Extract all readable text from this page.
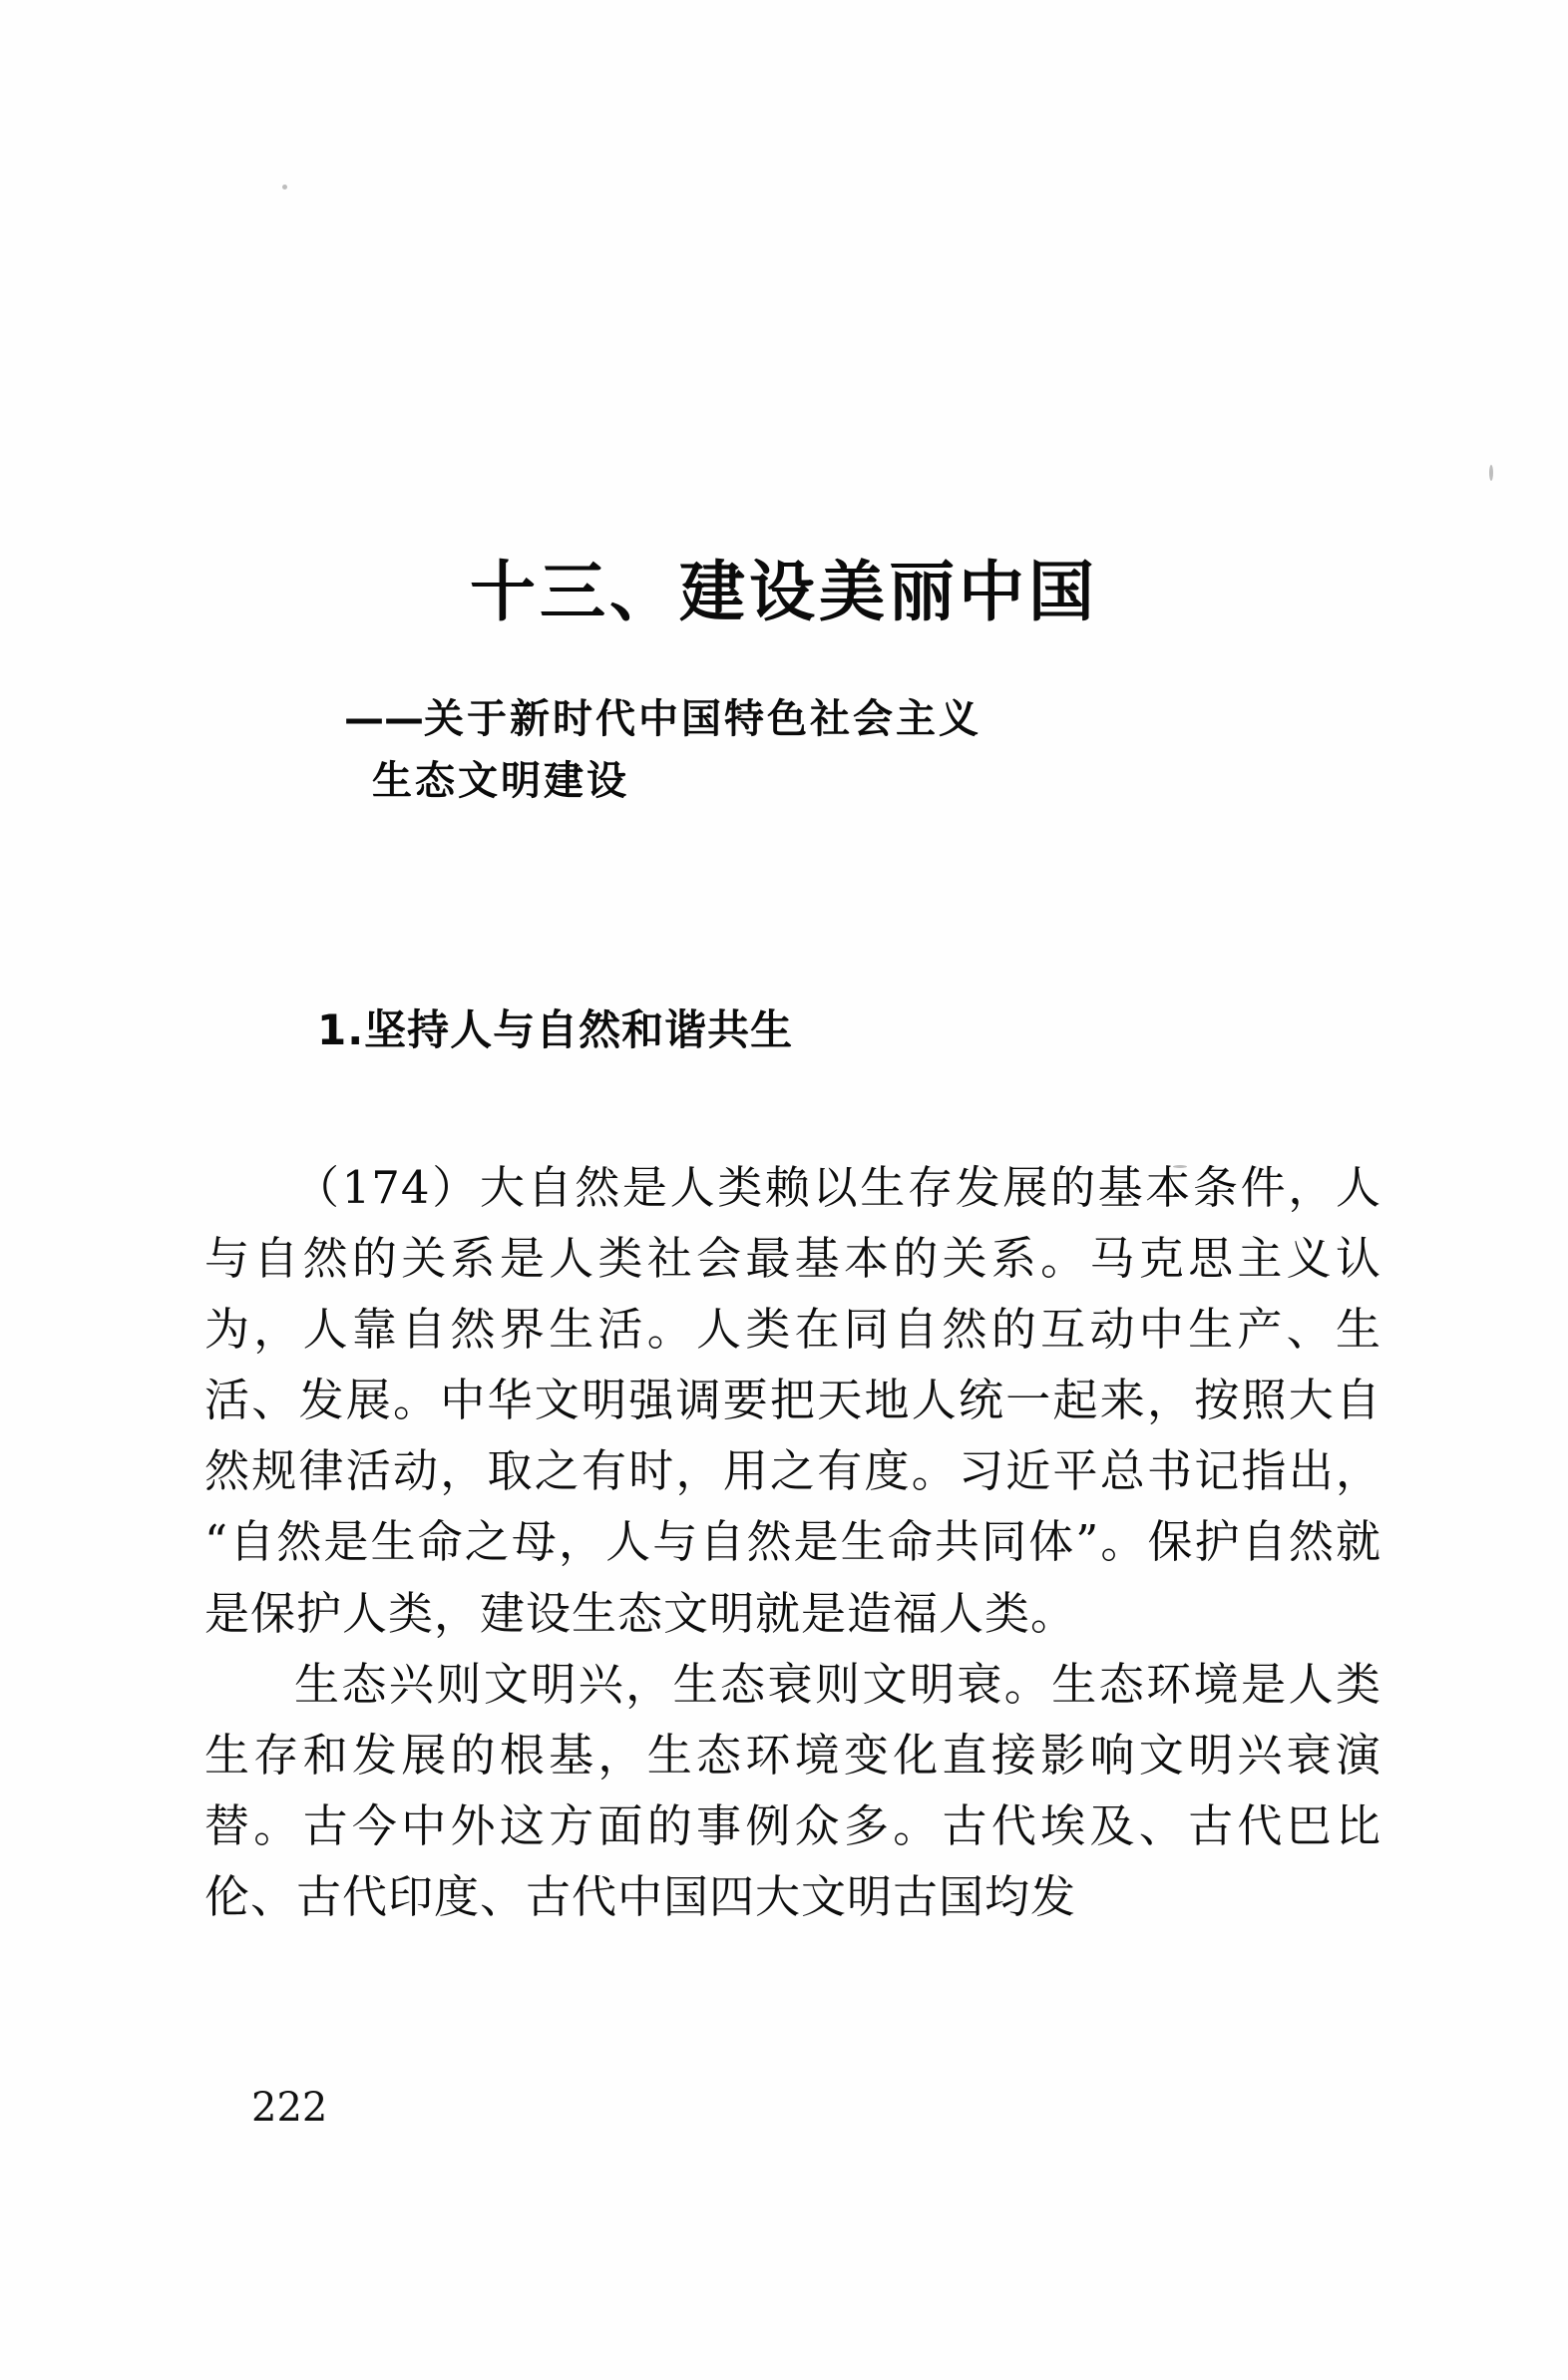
十三、建设美丽中国
——关于新时代中国特色社会主义
生态文明建设
1.坚持人与自然和谐共生

（174）大自然是人类赖以生存发展的基本条件，人与自然的关系是人类社会最基本的关系。马克思主义认为，人靠自然界生活。人类在同自然的互动中生产、生活、发展。中华文明强调要把天地人统一起来，按照大自然规律活动，取之有时，用之有度。习近平总书记指出，“自然是生命之母，人与自然是生命共同体”。保护自然就是保护人类，建设生态文明就是造福人类。

生态兴则文明兴，生态衰则文明衰。生态环境是人类生存和发展的根基，生态环境变化直接影响文明兴衰演替。古今中外这方面的事例众多。古代埃及、古代巴比伦、古代印度、古代中国四大文明古国均发

222
